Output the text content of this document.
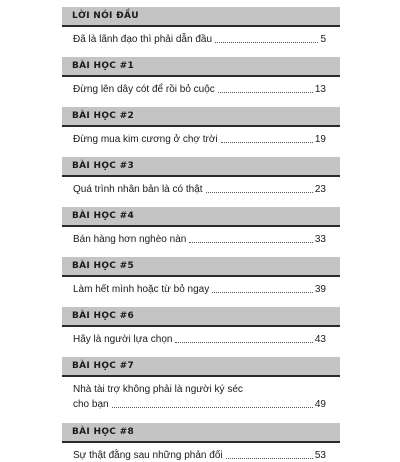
LỜI NÓI ĐẦU
Đã là lãnh đạo thì phải dẫn đầu	5
BÀI HỌC #1
Đừng lên dây cót để rồi bỏ cuộc	13
BÀI HỌC #2
Đừng mua kim cương ở chợ trời	19
BÀI HỌC #3
Quá trình nhân bản là có thật	23
BÀI HỌC #4
Bán hàng hơn nghèo nàn	33
BÀI HỌC #5
Làm hết mình hoặc từ bỏ ngay	39
BÀI HỌC #6
Hãy là người lựa chọn	43
BÀI HỌC #7
Nhà tài trợ không phải là người ký séc
cho bạn	49
BÀI HỌC #8
Sự thật đằng sau những phản đối	53
